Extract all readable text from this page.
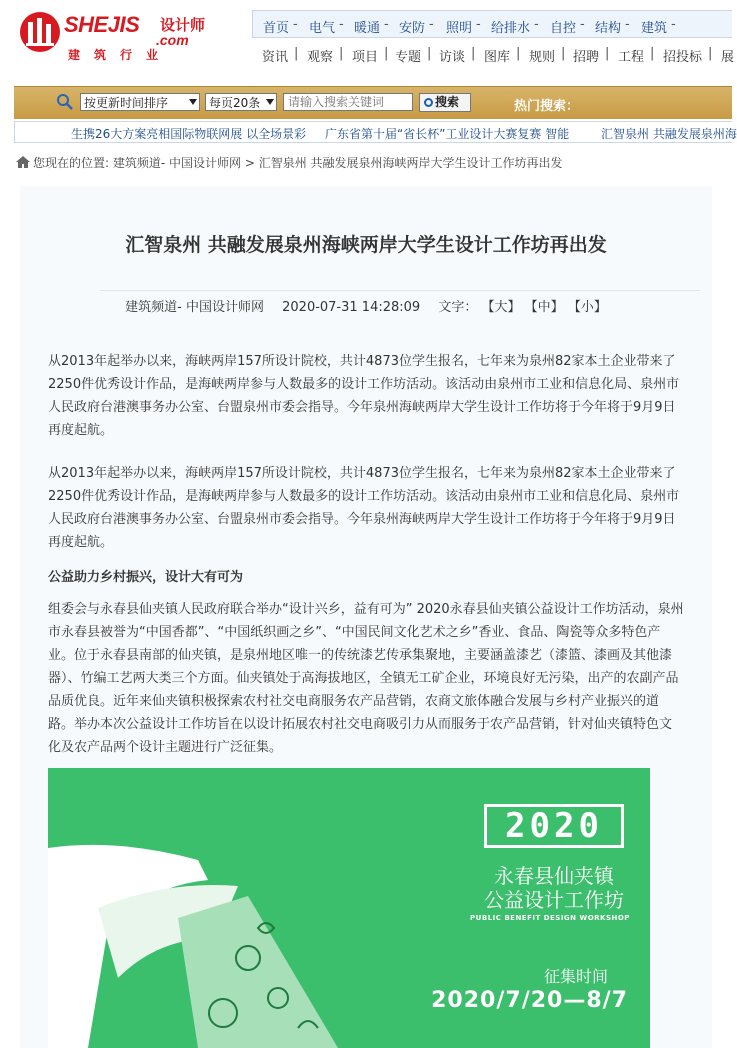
SHEJIS 设计师
.com
建筑行业
首页 - 电气 - 暖通 - 安防 - 照明 - 给排水 - 自控 - 结构 - 建筑 -
资讯 | 观察 | 项目 | 专题 | 访谈 | 图库 | 规则 | 招聘 | 工程 | 招投标 | 展
按更新时间排序	每页20条
请输入搜索关键词	搜索	热门搜索：
生携26大方案亮相国际物联网展 以全场景彩 广东省第十届“省长杯”工业设计大赛复赛 智能	汇智泉州 共融发展泉州海
您现在的位置: 建筑频道- 中国设计师网 > 汇智泉州 共融发展泉州海峡两岸大学生设计工作坊再出发
汇智泉州 共融发展泉州海峡两岸大学生设计工作坊再出发
建筑频道- 中国设计师网 2020-07-31 14:28:09 文字： 【大】 【中】 【小】

从2013年起举办以来，海峡两岸157所设计院校，共计4873位学生报名，七年来为泉州82家本土企业带来了2250件优秀设计作品，是海峡两岸参与人数最多的设计工作坊活动。该活动由泉州市工业和信息化局、泉州市人民政府台港澳事务办公室、台盟泉州市委会指导。今年泉州海峡两岸大学生设计工作坊将于今年将于9月9日再度起航。

从2013年起举办以来，海峡两岸157所设计院校，共计4873位学生报名，七年来为泉州82家本土企业带来了2250件优秀设计作品，是海峡两岸参与人数最多的设计工作坊活动。该活动由泉州市工业和信息化局、泉州市人民政府台港澳事务办公室、台盟泉州市委会指导。今年泉州海峡两岸大学生设计工作坊将于今年将于9月9日再度起航。

公益助力乡村振兴，设计大有可为

组委会与永春县仙夹镇人民政府联合举办“设计兴乡，益有可为” 2020永春县仙夹镇公益设计工作坊活动，泉州市永春县被誉为“中国香都”、“中国纸织画之乡”、“中国民间文化艺术之乡”香业、食品、陶瓷等众多特色产业。位于永春县南部的仙夹镇，是泉州地区唯一的传统漆艺传承集聚地，主要涵盖漆艺（漆篮、漆画及其他漆器）、竹编工艺两大类三个方面。仙夹镇处于高海拔地区，全镇无工矿企业，环境良好无污染，出产的农副产品品质优良。近年来仙夹镇积极探索农村社交电商服务农产品营销，农商文旅体融合发展与乡村产业振兴的道路。举办本次公益设计工作坊旨在以设计拓展农村社交电商吸引力从而服务于农产品营销，针对仙夹镇特色文化及农产品两个设计主题进行广泛征集。

2020
永春县仙夹镇
公益设计工作坊
PUBLIC BENEFIT DESIGN WORKSHOP
征集时间
2020/7/20—8/7
